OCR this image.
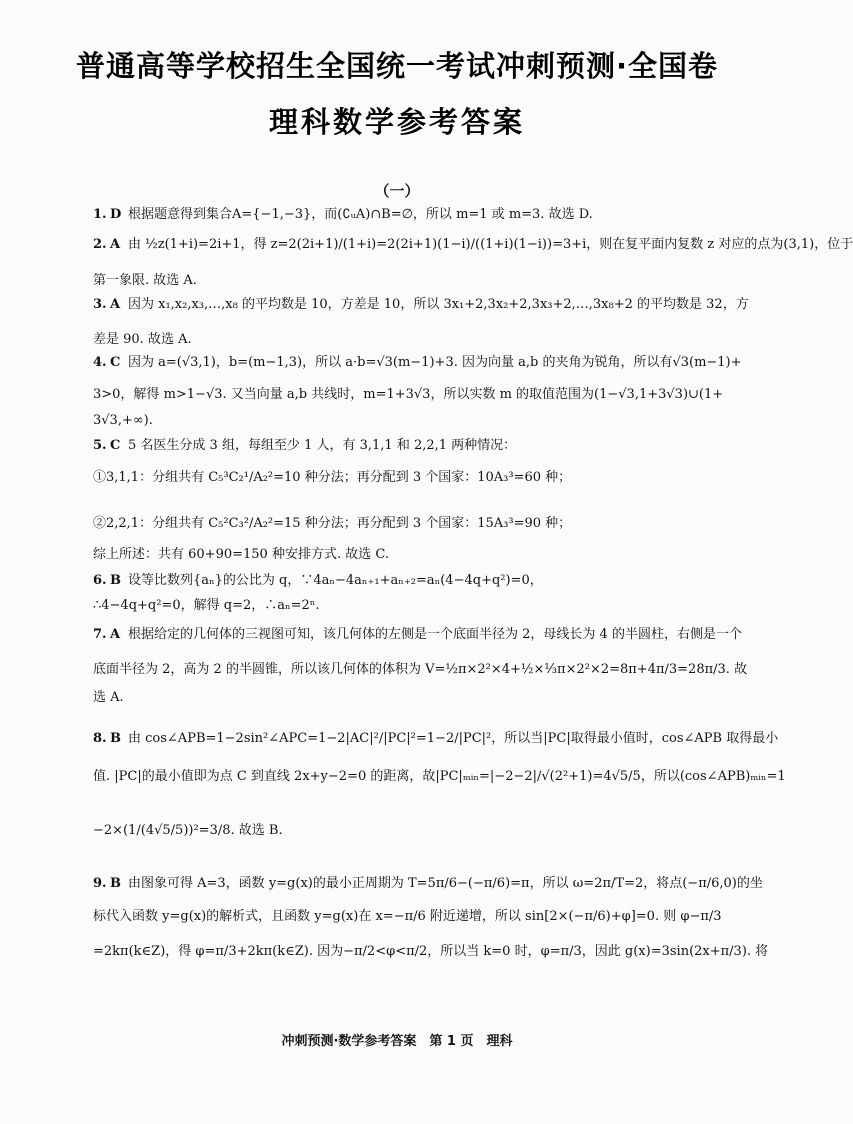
普通高等学校招生全国统一考试冲刺预测·全国卷
理科数学参考答案
（一）
1. D 根据题意得到集合A={−1,−3}，而(∁ᵤA)∩B=∅，所以 m=1 或 m=3. 故选 D.
2. A 由 ½z(1+i)=2i+1，得 z=2(2i+1)/(1+i)=2(2i+1)(1−i)/((1+i)(1−i))=3+i，则在复平面内复数 z 对应的点为(3,1)，位于
第一象限. 故选 A.
3. A 因为 x₁,x₂,x₃,…,x₈ 的平均数是 10，方差是 10，所以 3x₁+2,3x₂+2,3x₃+2,…,3x₈+2 的平均数是 32，方
差是 90. 故选 A.
4. C 因为 a=(√3,1)，b=(m−1,3)，所以 a·b=√3(m−1)+3. 因为向量 a,b 的夹角为锐角，所以有√3(m−1)+
3>0，解得 m>1−√3. 又当向量 a,b 共线时，m=1+3√3，所以实数 m 的取值范围为(1−√3,1+3√3)∪(1+
3√3,+∞).
5. C 5 名医生分成 3 组，每组至少 1 人，有 3,1,1 和 2,2,1 两种情况：
①3,1,1：分组共有 C₅³C₂¹/A₂²=10 种分法；再分配到 3 个国家：10A₃³=60 种；
②2,2,1：分组共有 C₅²C₃²/A₂²=15 种分法；再分配到 3 个国家：15A₃³=90 种；
综上所述：共有 60+90=150 种安排方式. 故选 C.
6. B 设等比数列{aₙ}的公比为 q，∵4aₙ−4aₙ₊₁+aₙ₊₂=aₙ(4−4q+q²)=0，
∴4−4q+q²=0，解得 q=2，∴aₙ=2ⁿ.
7. A 根据给定的几何体的三视图可知，该几何体的左侧是一个底面半径为 2，母线长为 4 的半圆柱，右侧是一个
底面半径为 2，高为 2 的半圆锥，所以该几何体的体积为 V=½π×2²×4+½×⅓π×2²×2=8π+4π/3=28π/3. 故
选 A.
8. B 由 cos∠APB=1−2sin²∠APC=1−2|AC|²/|PC|²=1−2/|PC|²，所以当|PC|取得最小值时，cos∠APB 取得最小
值. |PC|的最小值即为点 C 到直线 2x+y−2=0 的距离，故|PC|ₘᵢₙ=|−2−2|/√(2²+1)=4√5/5，所以(cos∠APB)ₘᵢₙ=1
−2×(1/(4√5/5))²=3/8. 故选 B.
9. B 由图象可得 A=3，函数 y=g(x)的最小正周期为 T=5π/6−(−π/6)=π，所以 ω=2π/T=2，将点(−π/6,0)的坐
标代入函数 y=g(x)的解析式，且函数 y=g(x)在 x=−π/6 附近递增，所以 sin[2×(−π/6)+φ]=0. 则 φ−π/3
=2kπ(k∈Z)，得 φ=π/3+2kπ(k∈Z). 因为−π/2<φ<π/2，所以当 k=0 时，φ=π/3，因此 g(x)=3sin(2x+π/3). 将
冲刺预测·数学参考答案　第 1 页　理科
